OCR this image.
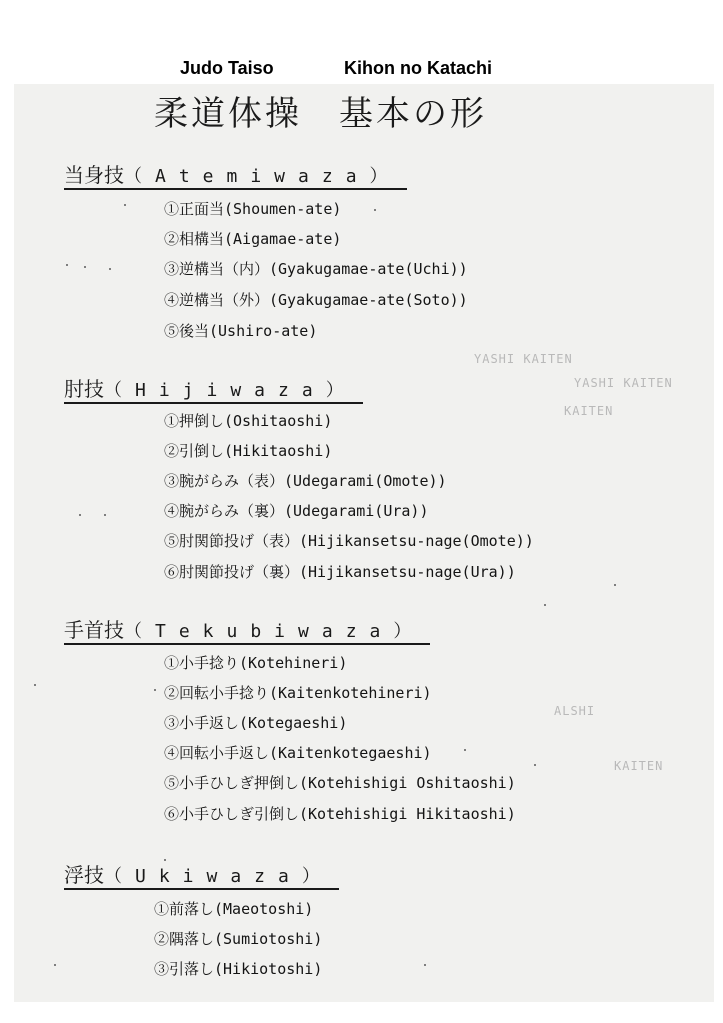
Judo Taiso	Kihon no Katachi
YASHI KAITEN
YASHI KAITEN
KAITEN
ALSHI
KAITEN
柔道体操　基本の形
当身技（Atemiwaza）
①正面当(Shoumen-ate)
②相構当(Aigamae-ate)
③逆構当（内）(Gyakugamae-ate(Uchi))
④逆構当（外）(Gyakugamae-ate(Soto))
⑤後当(Ushiro-ate)
肘技（Hijiwaza）
①押倒し(Oshitaoshi)
②引倒し(Hikitaoshi)
③腕がらみ（表）(Udegarami(Omote))
④腕がらみ（裏）(Udegarami(Ura))
⑤肘関節投げ（表）(Hijikansetsu-nage(Omote))
⑥肘関節投げ（裏）(Hijikansetsu-nage(Ura))
手首技（Tekubiwaza）
①小手捻り(Kotehineri)
②回転小手捻り(Kaitenkotehineri)
③小手返し(Kotegaeshi)
④回転小手返し(Kaitenkotegaeshi)
⑤小手ひしぎ押倒し(Kotehishigi Oshitaoshi)
⑥小手ひしぎ引倒し(Kotehishigi Hikitaoshi)
浮技（Ukiwaza）
①前落し(Maeotoshi)
②隅落し(Sumiotoshi)
③引落し(Hikiotoshi)
